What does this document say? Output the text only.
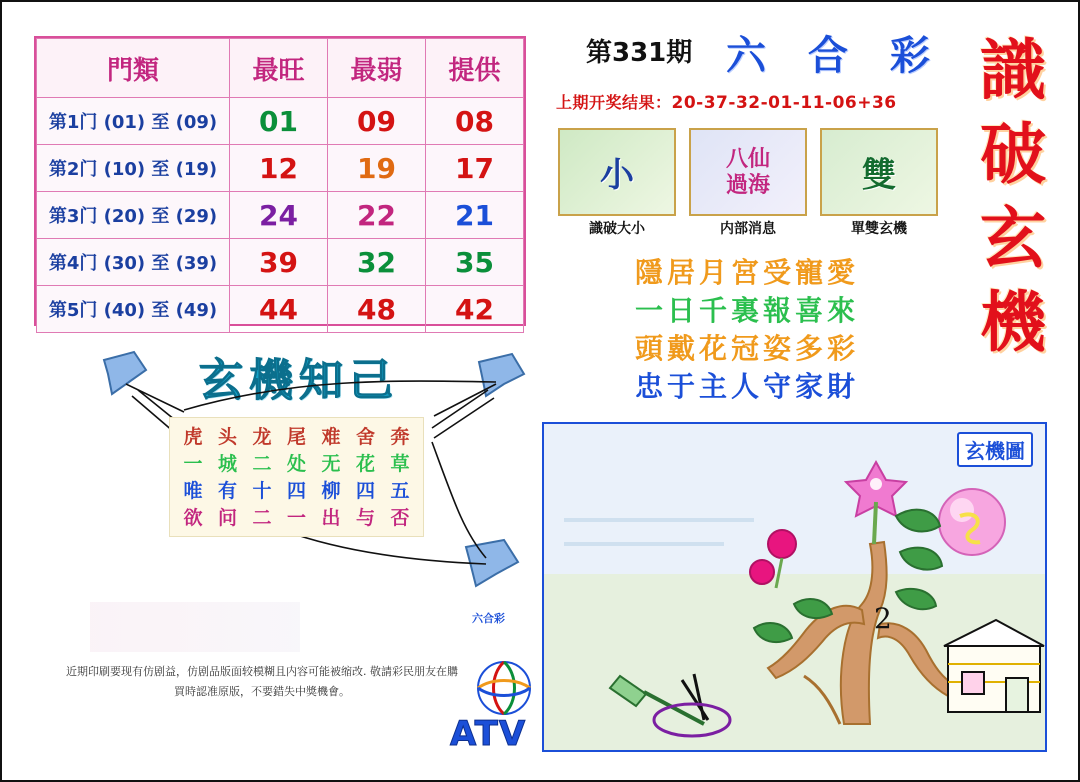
門類	最旺	最弱	提供
第1门 (01) 至 (09)	01	09	08
第2门 (10) 至 (19)	12	19	17
第3门 (20) 至 (29)	24	22	21
第4门 (30) 至 (39)	39	32	35
第5门 (40) 至 (49)	44	48	42
玄機知己
虎 头 龙 尾 难 舍 奔
一 城 二 处 无 花 草
唯 有 十 四 柳 四 五
欲 问 二 一 出 与 否
近期印刷要现有仿剧益，仿剧品版面较模糊且内容可能被缩改. 敬請彩民朋友在購買時認准原版，不要錯失中獎機會。
六合彩
ATV
第331期 六 合 彩
上期开奖结果：20-37-32-01-11-06+36	識
破
玄
機
小
識破大小
八仙
過海
内部消息
雙
單雙玄機
隱居月宮受寵愛
一日千裏報喜來
頭戴花冠姿多彩
忠于主人守家財
2
玄機圖
